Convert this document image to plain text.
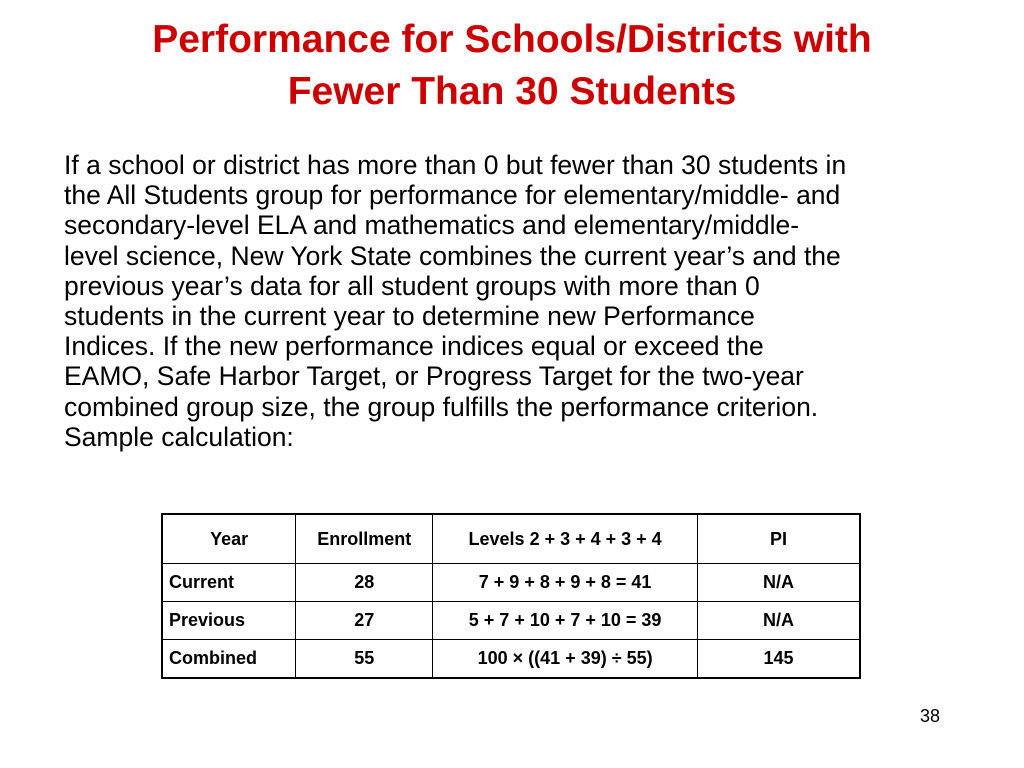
Performance for Schools/Districts with
Fewer Than 30 Students

If a school or district has more than 0 but fewer than 30 students in
the All Students group for performance for elementary/middle- and
secondary-level ELA and mathematics and elementary/middle-
level science, New York State combines the current year’s and the
previous year’s data for all student groups with more than 0
students in the current year to determine new Performance
Indices. If the new performance indices equal or exceed the
EAMO, Safe Harbor Target, or Progress Target for the two-year
combined group size, the group fulfills the performance criterion.
Sample calculation:

Year	Enrollment	Levels 2 + 3 + 4 + 3 + 4	PI
Current	28	7 + 9 + 8 + 9 + 8 = 41	N/A
Previous	27	5 + 7 + 10 + 7 + 10 = 39	N/A
Combined	55	100 × ((41 + 39) ÷ 55)	145
38
